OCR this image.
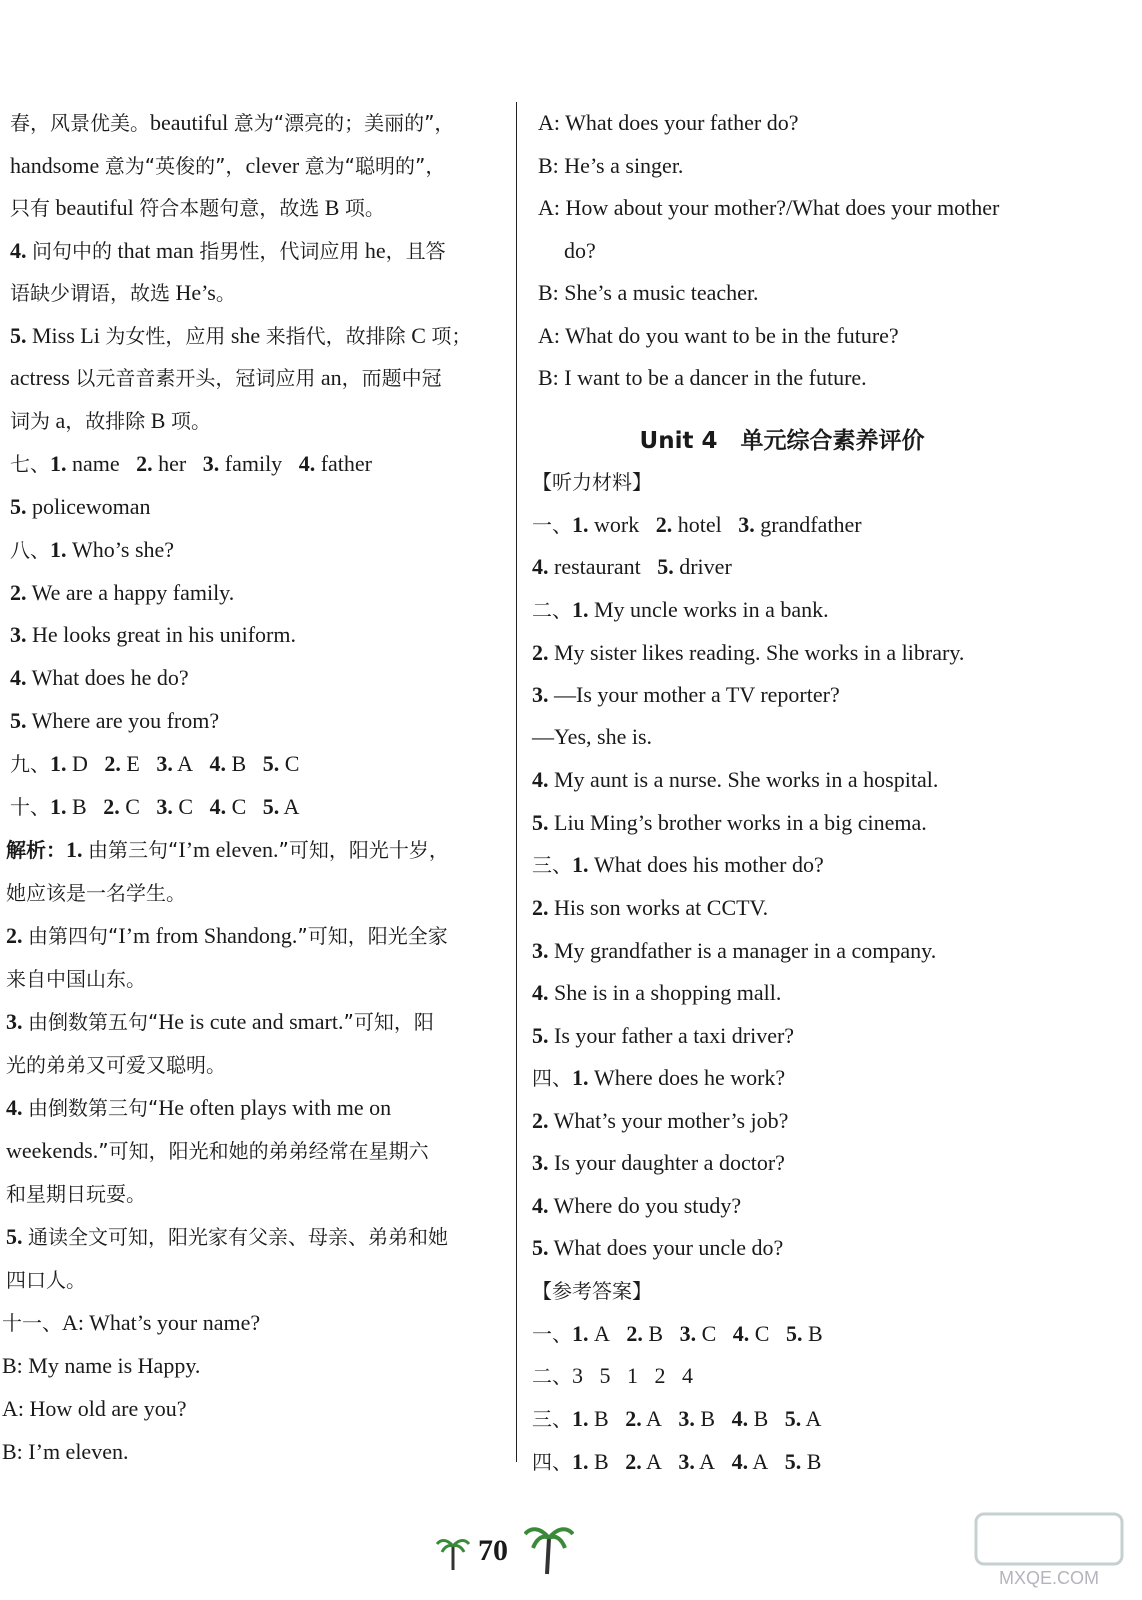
春，风景优美。beautiful 意为“漂亮的；美丽的”，
handsome 意为“英俊的”，clever 意为“聪明的”，
只有 beautiful 符合本题句意，故选 B 项。
4. 问句中的 that man 指男性，代词应用 he，且答
语缺少谓语，故选 He’s。
5. Miss Li 为女性，应用 she 来指代，故排除 C 项；
actress 以元音音素开头，冠词应用 an，而题中冠
词为 a，故排除 B 项。
七、1. name   2. her   3. family   4. father
5. policewoman
八、1. Who’s she?
2. We are a happy family.
3. He looks great in his uniform.
4. What does he do?
5. Where are you from?
九、1. D   2. E   3. A   4. B   5. C
十、1. B   2. C   3. C   4. C   5. A
解析：1. 由第三句“I’m eleven.”可知，阳光十岁，
她应该是一名学生。
2. 由第四句“I’m from Shandong.”可知，阳光全家
来自中国山东。
3. 由倒数第五句“He is cute and smart.”可知，阳
光的弟弟又可爱又聪明。
4. 由倒数第三句“He often plays with me on
weekends.”可知，阳光和她的弟弟经常在星期六
和星期日玩耍。
5. 通读全文可知，阳光家有父亲、母亲、弟弟和她
四口人。
十一、A: What’s your name?
B: My name is Happy.
A: How old are you?
B: I’m eleven.
Unit 4　单元综合素养评价
A: What does your father do?
B: He’s a singer.
A: How about your mother?/What does your mother
do?
B: She’s a music teacher.
A: What do you want to be in the future?
B: I want to be a dancer in the future.
【听力材料】
一、1. work   2. hotel   3. grandfather
4. restaurant   5. driver
二、1. My uncle works in a bank.
2. My sister likes reading. She works in a library.
3. —Is your mother a TV reporter?
—Yes, she is.
4. My aunt is a nurse. She works in a hospital.
5. Liu Ming’s brother works in a big cinema.
三、1. What does his mother do?
2. His son works at CCTV.
3. My grandfather is a manager in a company.
4. She is in a shopping mall.
5. Is your father a taxi driver?
四、1. Where does he work?
2. What’s your mother’s job?
3. Is your daughter a doctor?
4. Where do you study?
5. What does your uncle do?
【参考答案】
一、1. A   2. B   3. C   4. C   5. B
二、3   5   1   2   4
三、1. B   2. A   3. B   4. B   5. A
四、1. B   2. A   3. A   4. A   5. B
70
MXQE.COM
